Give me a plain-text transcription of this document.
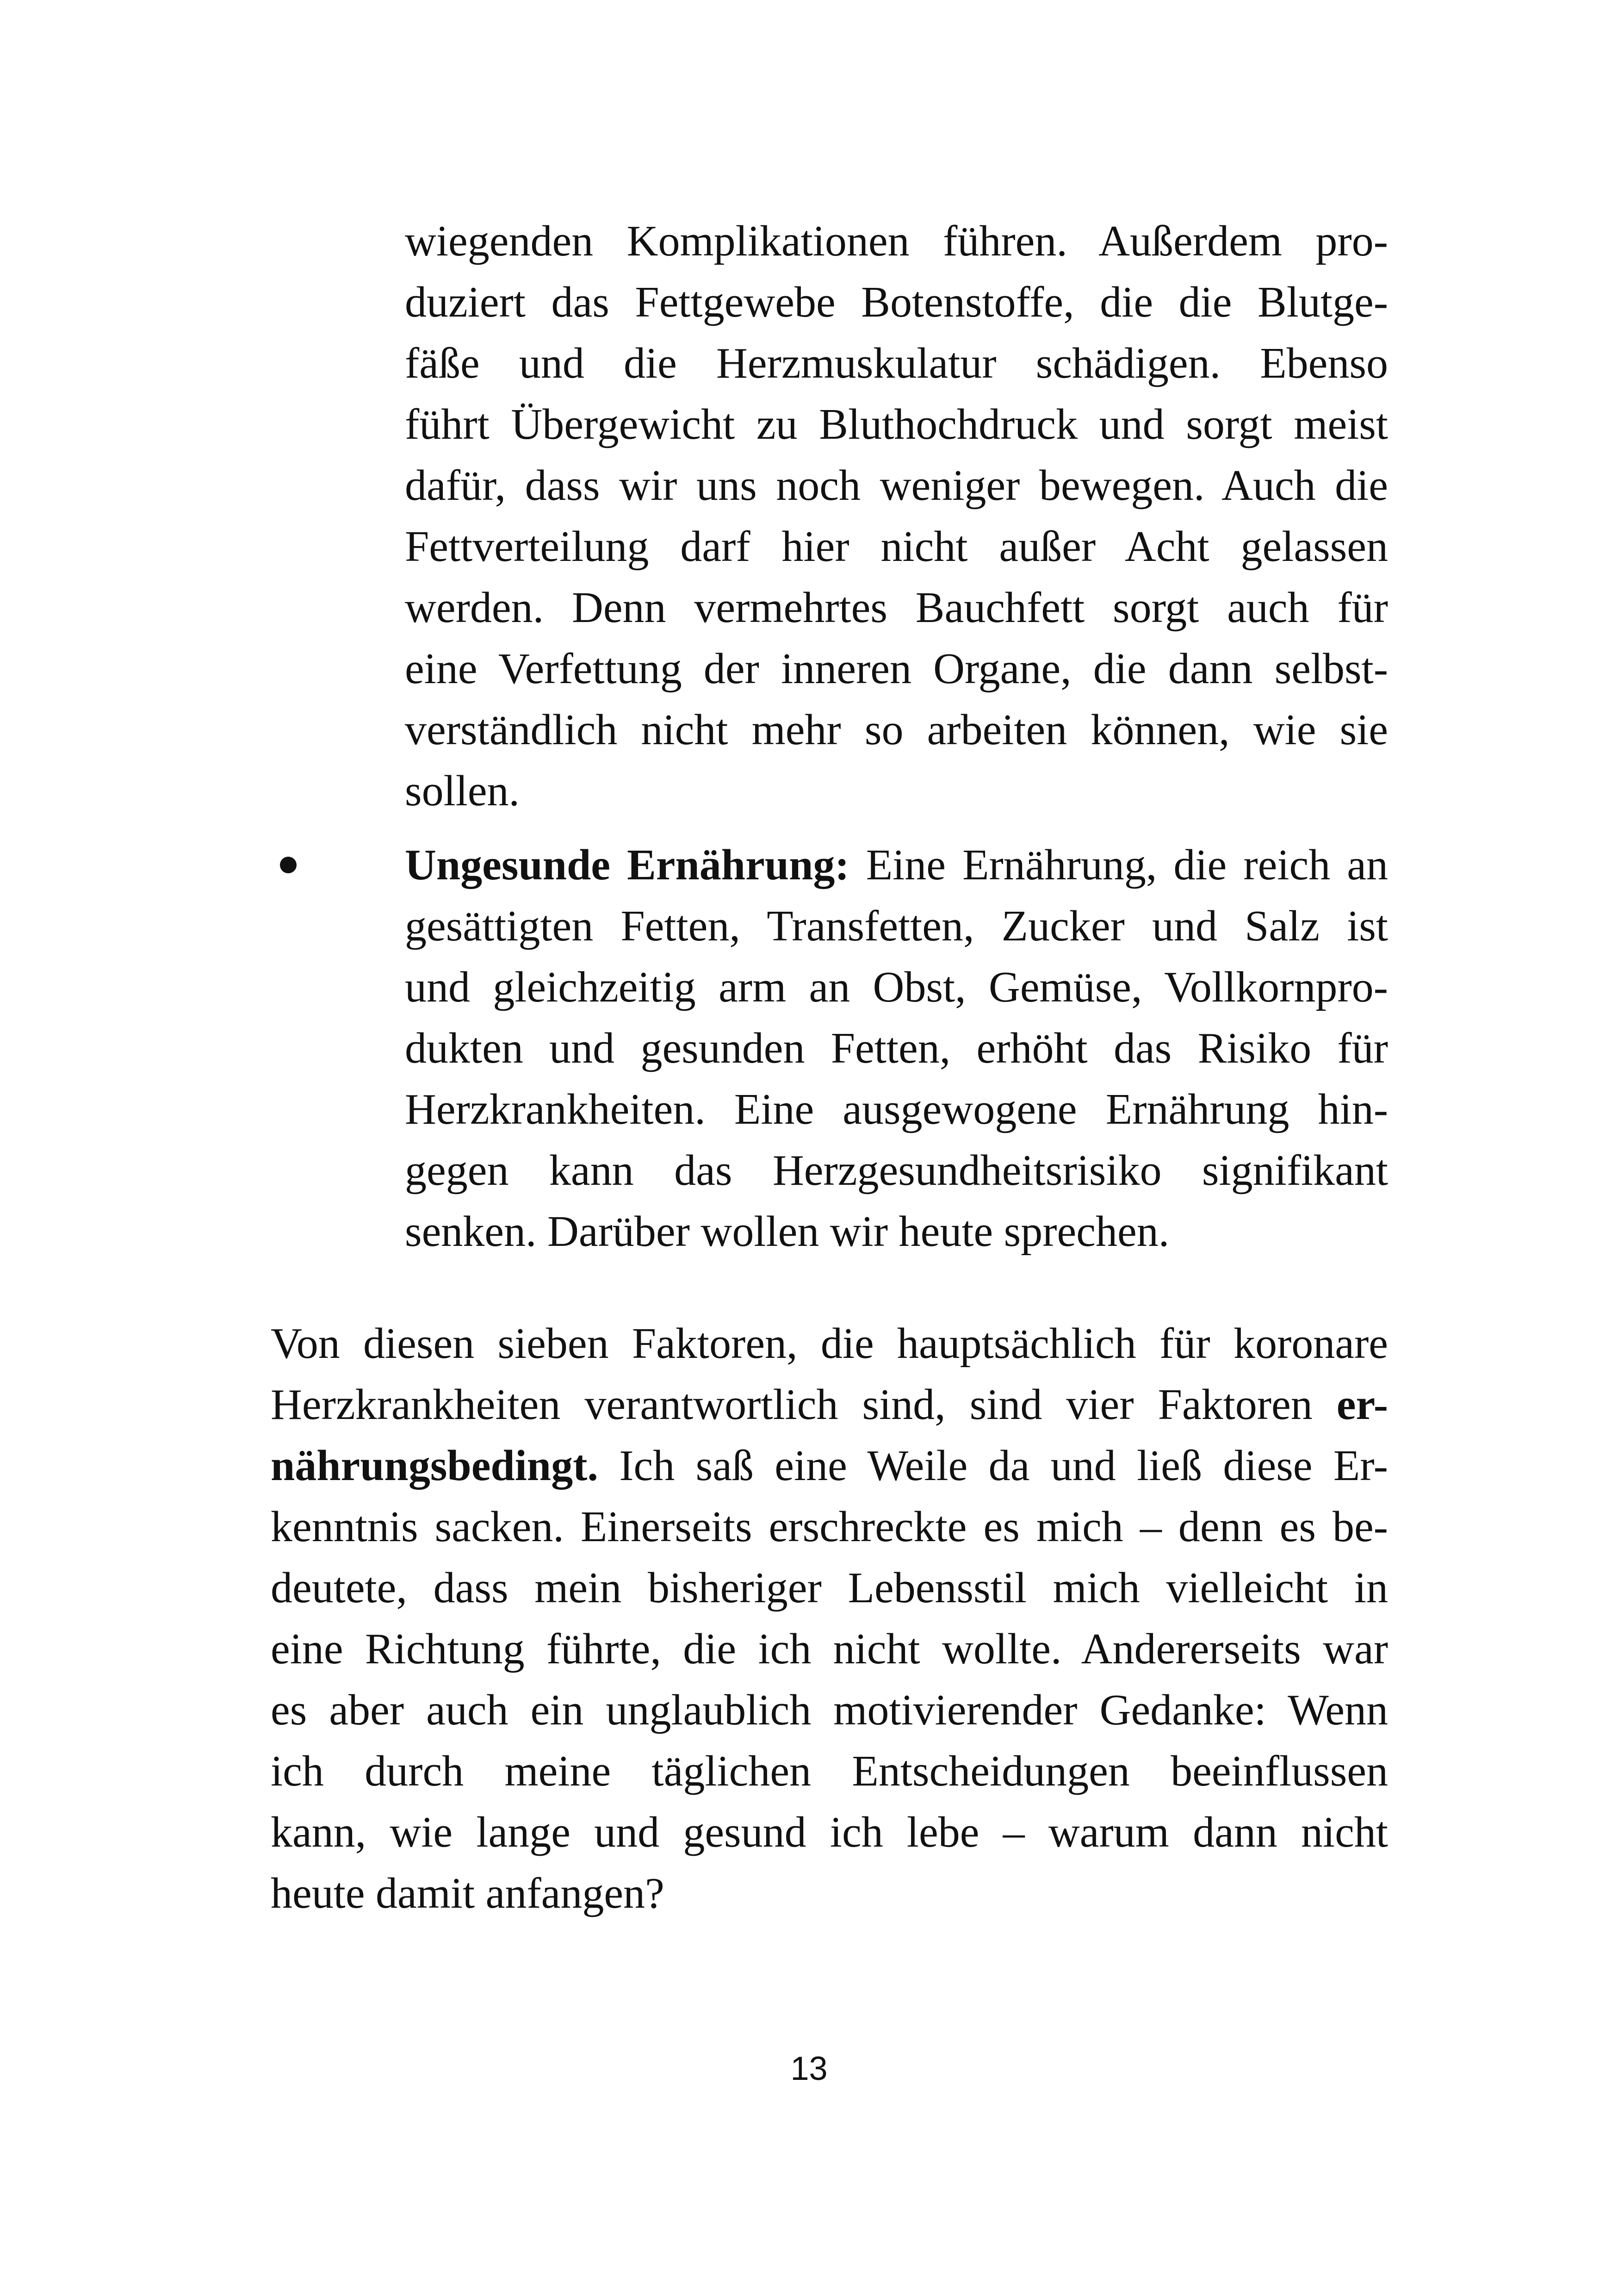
wiegenden Komplikationen führen. Außerdem pro-
duziert das Fettgewebe Botenstoffe, die die Blutge-
fäße und die Herzmuskulatur schädigen. Ebenso
führt Übergewicht zu Bluthochdruck und sorgt meist
dafür, dass wir uns noch weniger bewegen. Auch die
Fettverteilung darf hier nicht außer Acht gelassen
werden. Denn vermehrtes Bauchfett sorgt auch für
eine Verfettung der inneren Organe, die dann selbst-
verständlich nicht mehr so arbeiten können, wie sie
sollen.
Ungesunde Ernährung: Eine Ernährung, die reich an
gesättigten Fetten, Transfetten, Zucker und Salz ist
und gleichzeitig arm an Obst, Gemüse, Vollkornpro-
dukten und gesunden Fetten, erhöht das Risiko für
Herzkrankheiten. Eine ausgewogene Ernährung hin-
gegen kann das Herzgesundheitsrisiko signifikant
senken. Darüber wollen wir heute sprechen.
Von diesen sieben Faktoren, die hauptsächlich für koronare
Herzkrankheiten verantwortlich sind, sind vier Faktoren er-
nährungsbedingt. Ich saß eine Weile da und ließ diese Er-
kenntnis sacken. Einerseits erschreckte es mich – denn es be-
deutete, dass mein bisheriger Lebensstil mich vielleicht in
eine Richtung führte, die ich nicht wollte. Andererseits war
es aber auch ein unglaublich motivierender Gedanke: Wenn
ich durch meine täglichen Entscheidungen beeinflussen
kann, wie lange und gesund ich lebe – warum dann nicht
heute damit anfangen?
13
